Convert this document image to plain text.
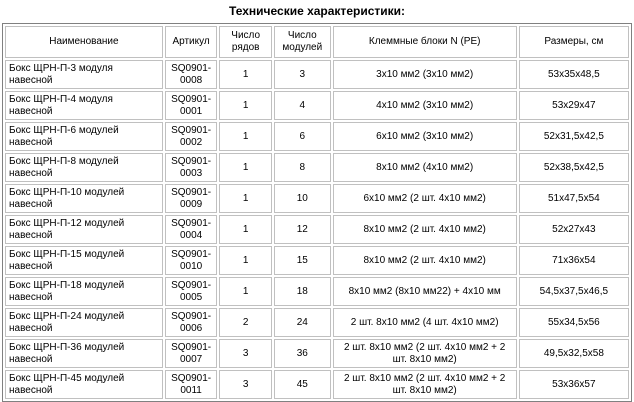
Технические характеристики:
Наименование	Артикул	Число рядов	Число модулей	Клеммные блоки N (PE)	Размеры, см
Бокс ЩРН-П-3 модуля навесной	SQ0901-0008	1	3	3x10 мм2 (3x10 мм2)	53x35x48,5
Бокс ЩРН-П-4 модуля навесной	SQ0901-0001	1	4	4x10 мм2 (3x10 мм2)	53x29x47
Бокс ЩРН-П-6 модулей навесной	SQ0901-0002	1	6	6x10 мм2 (3x10 мм2)	52x31,5x42,5
Бокс ЩРН-П-8 модулей навесной	SQ0901-0003	1	8	8x10 мм2 (4x10 мм2)	52x38,5x42,5
Бокс ЩРН-П-10 модулей навесной	SQ0901-0009	1	10	6x10 мм2 (2 шт. 4x10 мм2)	51x47,5x54
Бокс ЩРН-П-12 модулей навесной	SQ0901-0004	1	12	8x10 мм2 (2 шт. 4x10 мм2)	52x27x43
Бокс ЩРН-П-15 модулей навесной	SQ0901-0010	1	15	8x10 мм2 (2 шт. 4x10 мм2)	71x36x54
Бокс ЩРН-П-18 модулей навесной	SQ0901-0005	1	18	8x10 мм2 (8x10 мм22) + 4x10 мм	54,5x37,5x46,5
Бокс ЩРН-П-24 модулей навесной	SQ0901-0006	2	24	2 шт. 8x10 мм2 (4 шт. 4x10 мм2)	55x34,5x56
Бокс ЩРН-П-36 модулей навесной	SQ0901-0007	3	36	2 шт. 8x10 мм2 (2 шт. 4x10 мм2 + 2 шт. 8x10 мм2)	49,5x32,5x58
Бокс ЩРН-П-45 модулей навесной	SQ0901-0011	3	45	2 шт. 8x10 мм2 (2 шт. 4x10 мм2 + 2 шт. 8x10 мм2)	53x36x57
